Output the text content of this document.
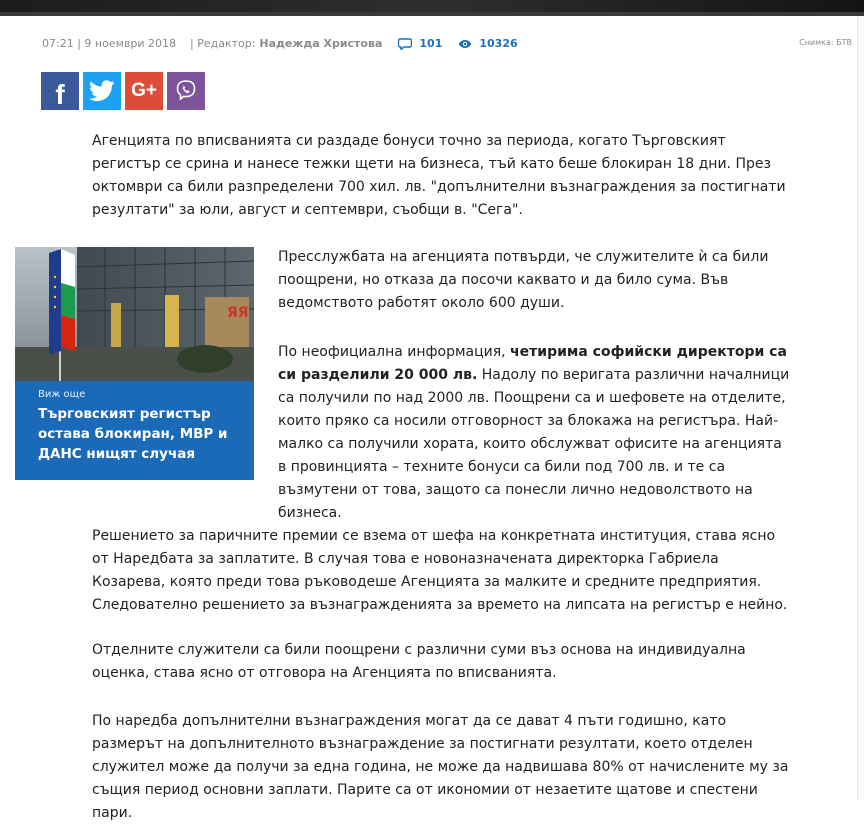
07:21 | 9 ноември 2018 | Редактор: Надежда Христова	101	10326	Снимка: БТВ
f	G+

Агенцията по вписванията си раздаде бонуси точно за периода, когато Търговският регистър се срина и нанесе тежки щети на бизнеса, тъй като беше блокиран 18 дни. През октомври са били разпределени 700 хил. лв. "допълнителни възнаграждения за постигнати резултати" за юли, август и септември, съобщи в. "Сега".

ЯЯ
Виж още
Търговският регистър остава блокиран, МВР и ДАНС нищят случая

Пресслужбата на агенцията потвърди, че служителите ѝ са били поощрени, но отказа да посочи каквато и да било сума. Във ведомството работят около 600 души.

По неофициална информация, четирима софийски директори са си разделили 20 000 лв. Надолу по веригата различни началници са получили по над 2000 лв. Поощрени са и шефовете на отделите, които пряко са носили отговорност за блокажа на регистъра. Най-малко са получили хората, които обслужват офисите на агенцията в провинцията – техните бонуси са били под 700 лв. и те са възмутени от това, защото са понесли лично недоволството на бизнеса.

Решението за паричните премии се взема от шефа на конкретната институция, става ясно от Наредбата за заплатите. В случая това е новоназначената директорка Габриела Козарева, която преди това ръководеше Агенцията за малките и средните предприятия. Следователно решението за възнагражденията за времето на липсата на регистър е нейно.

Отделните служители са били поощрени с различни суми въз основа на индивидуална оценка, става ясно от отговора на Агенцията по вписванията.

По наредба допълнителни възнаграждения могат да се дават 4 пъти годишно, като размерът на допълнителното възнаграждение за постигнати резултати, което отделен служител може да получи за една година, не може да надвишава 80% от начислените му за същия период основни заплати. Парите са от икономии от незаетите щатове и спестени пари.
